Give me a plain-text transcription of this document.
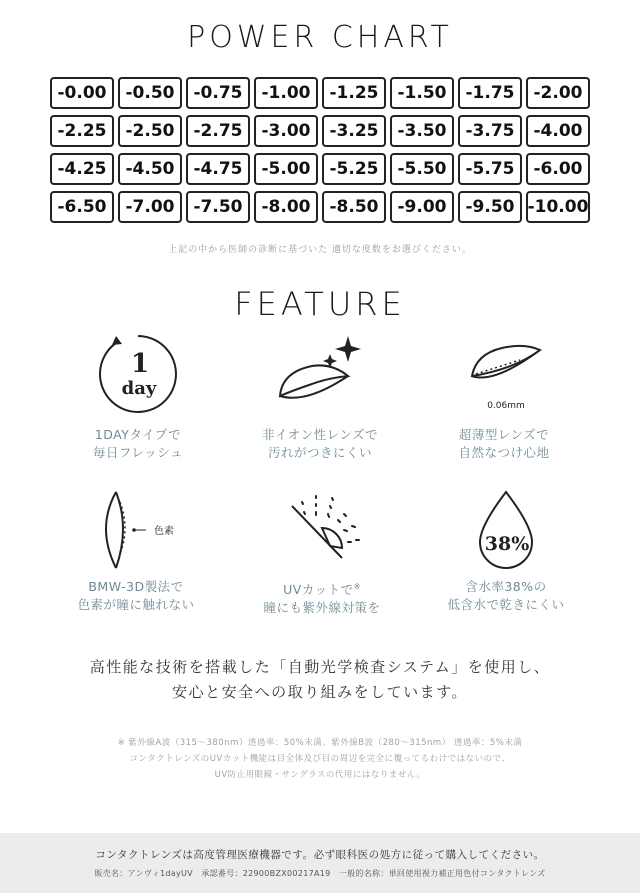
POWER CHART
-0.00	-0.50	-0.75	-1.00	-1.25	-1.50	-1.75	-2.00
-2.25	-2.50	-2.75	-3.00	-3.25	-3.50	-3.75	-4.00
-4.25	-4.50	-4.75	-5.00	-5.25	-5.50	-5.75	-6.00
-6.50	-7.00	-7.50	-8.00	-8.50	-9.00	-9.50 -10.00
上記の中から医師の診断に基づいた 適切な度数をお選びください。
FEATURE
1
day
1DAYタイプで
毎日フレッシュ
非イオン性レンズで
汚れがつきにくい
0.06mm
超薄型レンズで
自然なつけ心地
色素
BMW-3D製法で
色素が瞳に触れない
UVカットで※
瞳にも紫外線対策を
38%
含水率38%の
低含水で乾きにくい
高性能な技術を搭載した「自動光学検査システム」を使用し、
安心と安全への取り組みをしています。
※ 紫外線A波（315〜380nm）透過率：50%未満、紫外線B波（280〜315nm） 透過率：5%未満
コンタクトレンズのUVカット機能は目全体及び目の周辺を完全に覆ってるわけではないので、
UV防止用眼鏡・サングラスの代用にはなりません。
コンタクトレンズは高度管理医療機器です。必ず眼科医の処方に従って購入してください。
販売名：アンヴィ1dayUV　承認番号：22900BZX00217A19　一般的名称：単回使用視力補正用色付コンタクトレンズ
